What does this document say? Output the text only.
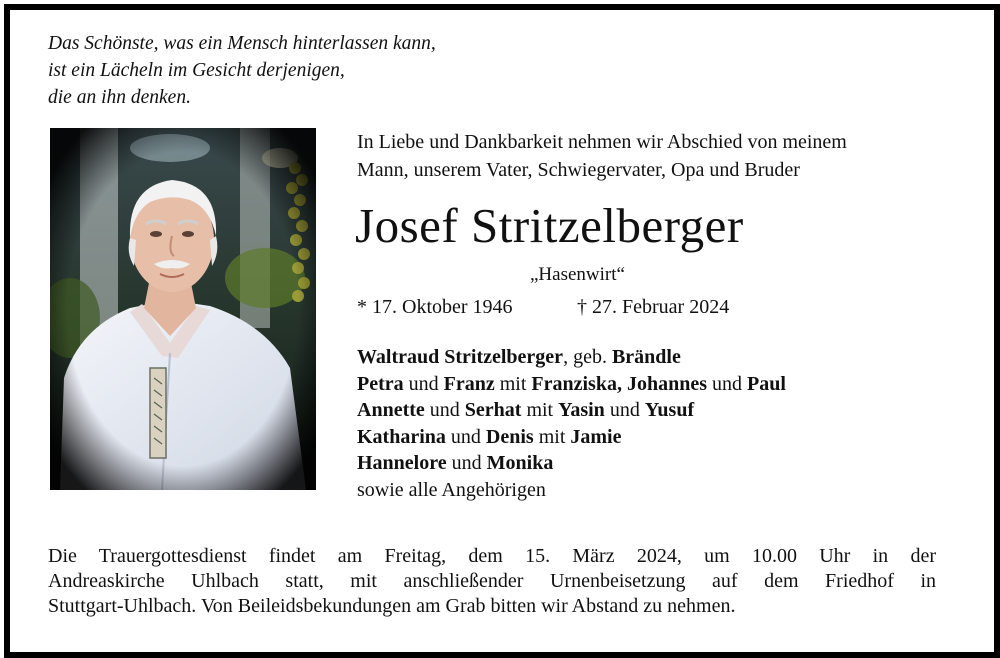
Das Schönste, was ein Mensch hinterlassen kann,
ist ein Lächeln im Gesicht derjenigen,
die an ihn denken.
In Liebe und Dankbarkeit nehmen wir Abschied von meinem
Mann, unserem Vater, Schwiegervater, Opa und Bruder
Josef Stritzelberger
„Hasenwirt“
* 17. Oktober 1946	† 27. Februar 2024
Waltraud Stritzelberger, geb. Brändle
Petra und Franz mit Franziska, Johannes und Paul
Annette und Serhat mit Yasin und Yusuf
Katharina und Denis mit Jamie
Hannelore und Monika
sowie alle Angehörigen
Die Trauergottesdienst findet am Freitag, dem 15. März 2024, um 10.00 Uhr in der
Andreaskirche Uhlbach statt, mit anschließender Urnenbeisetzung auf dem Friedhof in
Stuttgart-Uhlbach. Von Beileidsbekundungen am Grab bitten wir Abstand zu nehmen.
